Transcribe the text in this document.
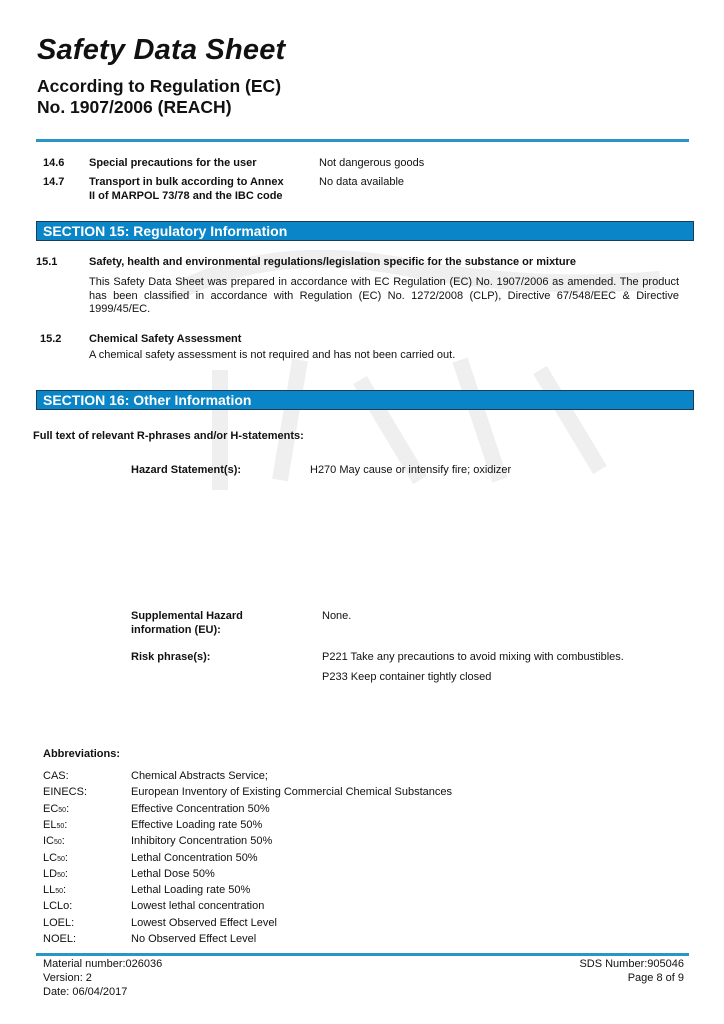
Safety Data Sheet
According to Regulation (EC)
No. 1907/2006 (REACH)
14.6 Special precautions for the user	Not dangerous goods
14.7 Transport in bulk according to Annex
II of MARPOL 73/78 and the IBC code
No data available
SECTION 15: Regulatory Information
15.1	Safety, health and environmental regulations/legislation specific for the substance or mixture
This Safety Data Sheet was prepared in accordance with EC Regulation (EC) No. 1907/2006 as amended. The product has been classified in accordance with Regulation (EC) No. 1272/2008 (CLP), Directive 67/548/EEC & Directive 1999/45/EC.
15.2	Chemical Safety Assessment
A chemical safety assessment is not required and has not been carried out.
SECTION 16: Other Information
Full text of relevant R-phrases and/or H-statements:
Hazard Statement(s):	H270 May cause or intensify fire; oxidizer
Supplemental Hazard
information (EU):
None.
Risk phrase(s):	P221 Take any precautions to avoid mixing with combustibles.
P233 Keep container tightly closed
Abbreviations:
CAS:	Chemical Abstracts Service;
EINECS:	European Inventory of Existing Commercial Chemical Substances
EC50:	Effective Concentration 50%
EL50:	Effective Loading rate 50%
IC50:	Inhibitory Concentration 50%
LC50:	Lethal Concentration 50%
LD50:	Lethal Dose 50%
LL50:	Lethal Loading rate 50%
LCLo:	Lowest lethal concentration
LOEL:	Lowest Observed Effect Level
NOEL:	No Observed Effect Level
Material number:026036
Version: 2
Date: 06/04/2017
SDS Number:905046
Page 8 of 9
